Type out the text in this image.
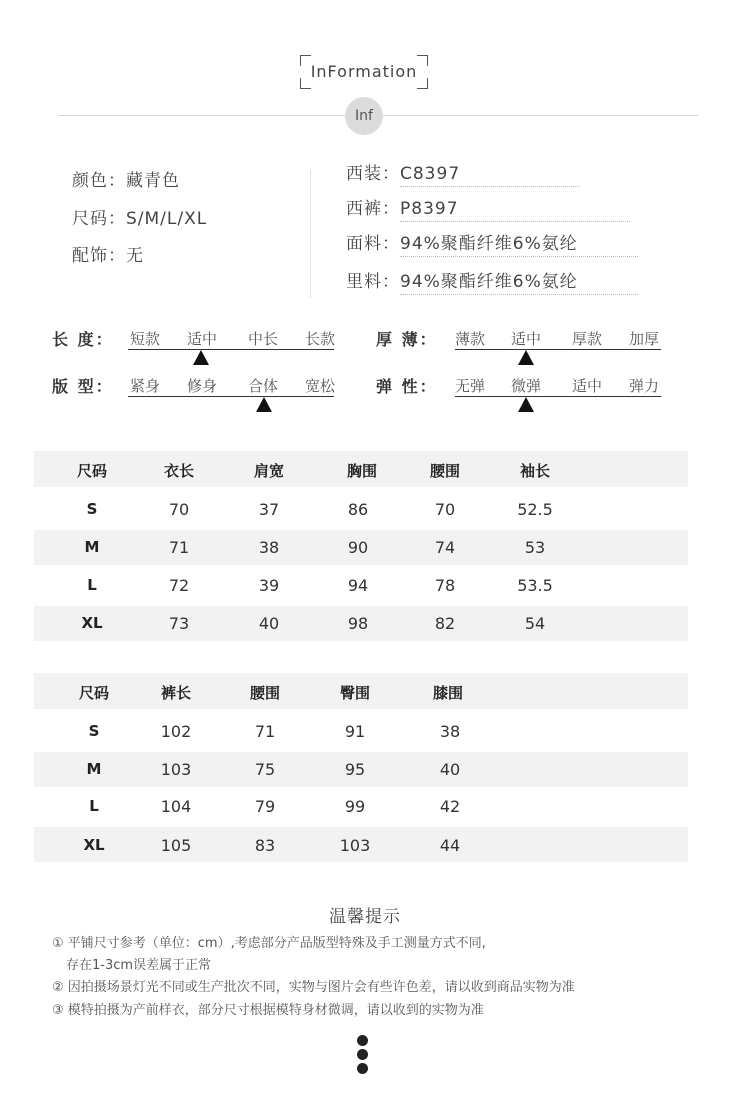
InFormation
Inf
颜色：藏青色
尺码：S/M/L/XL
配饰：无
西装：C8397
西裤：P8397
面料：94%聚酯纤维6%氨纶
里料：94%聚酯纤维6%氨纶
长 度： 短款 适中 中长 长款
版 型： 紧身 修身 合体 宽松
厚 薄： 薄款 适中 厚款 加厚
弹 性： 无弹 微弹 适中 弹力
尺码	衣长	肩宽	胸围	腰围	袖长
S	70	37	86	70	52.5
M	71	38	90	74	53
L	72	39	94	78	53.5
XL	73	40	98	82	54
尺码	裤长	腰围	臀围	膝围
S	102	71	91	38
M	103	75	95	40
L	104	79	99	42
XL	105	83	103	44
温馨提示
① 平铺尺寸参考（单位：cm）,考虑部分产品版型特殊及手工测量方式不同,
存在1-3cm误差属于正常
② 因拍摄场景灯光不同或生产批次不同，实物与图片会有些许色差，请以收到商品实物为准
③ 模特拍摄为产前样衣，部分尺寸根据模特身材微调，请以收到的实物为准
